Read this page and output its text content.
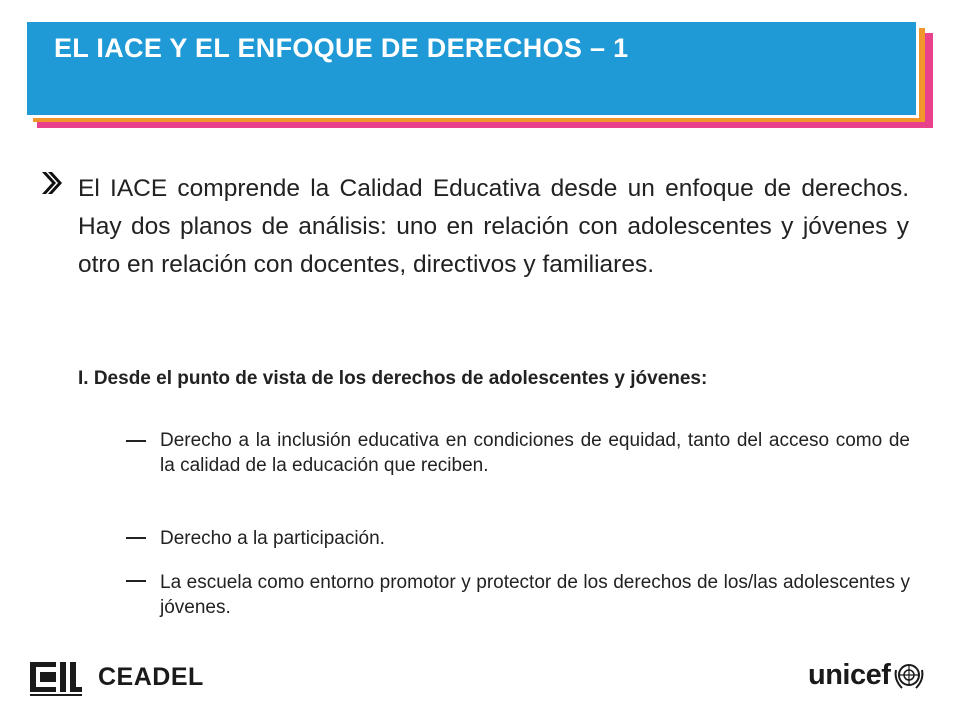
EL IACE Y EL ENFOQUE DE DERECHOS – 1

El IACE comprende la Calidad Educativa desde un enfoque de derechos. Hay dos planos de análisis: uno en relación con adolescentes y jóvenes y otro en relación con docentes, directivos y familiares.

I. Desde el punto de vista de los derechos de adolescentes y jóvenes:

Derecho a la inclusión educativa en condiciones de equidad, tanto del acceso como de la calidad de la educación que reciben.

Derecho a la participación.

La escuela como entorno promotor y protector de los derechos de los/las adolescentes y jóvenes.

CEADEL	unicef
